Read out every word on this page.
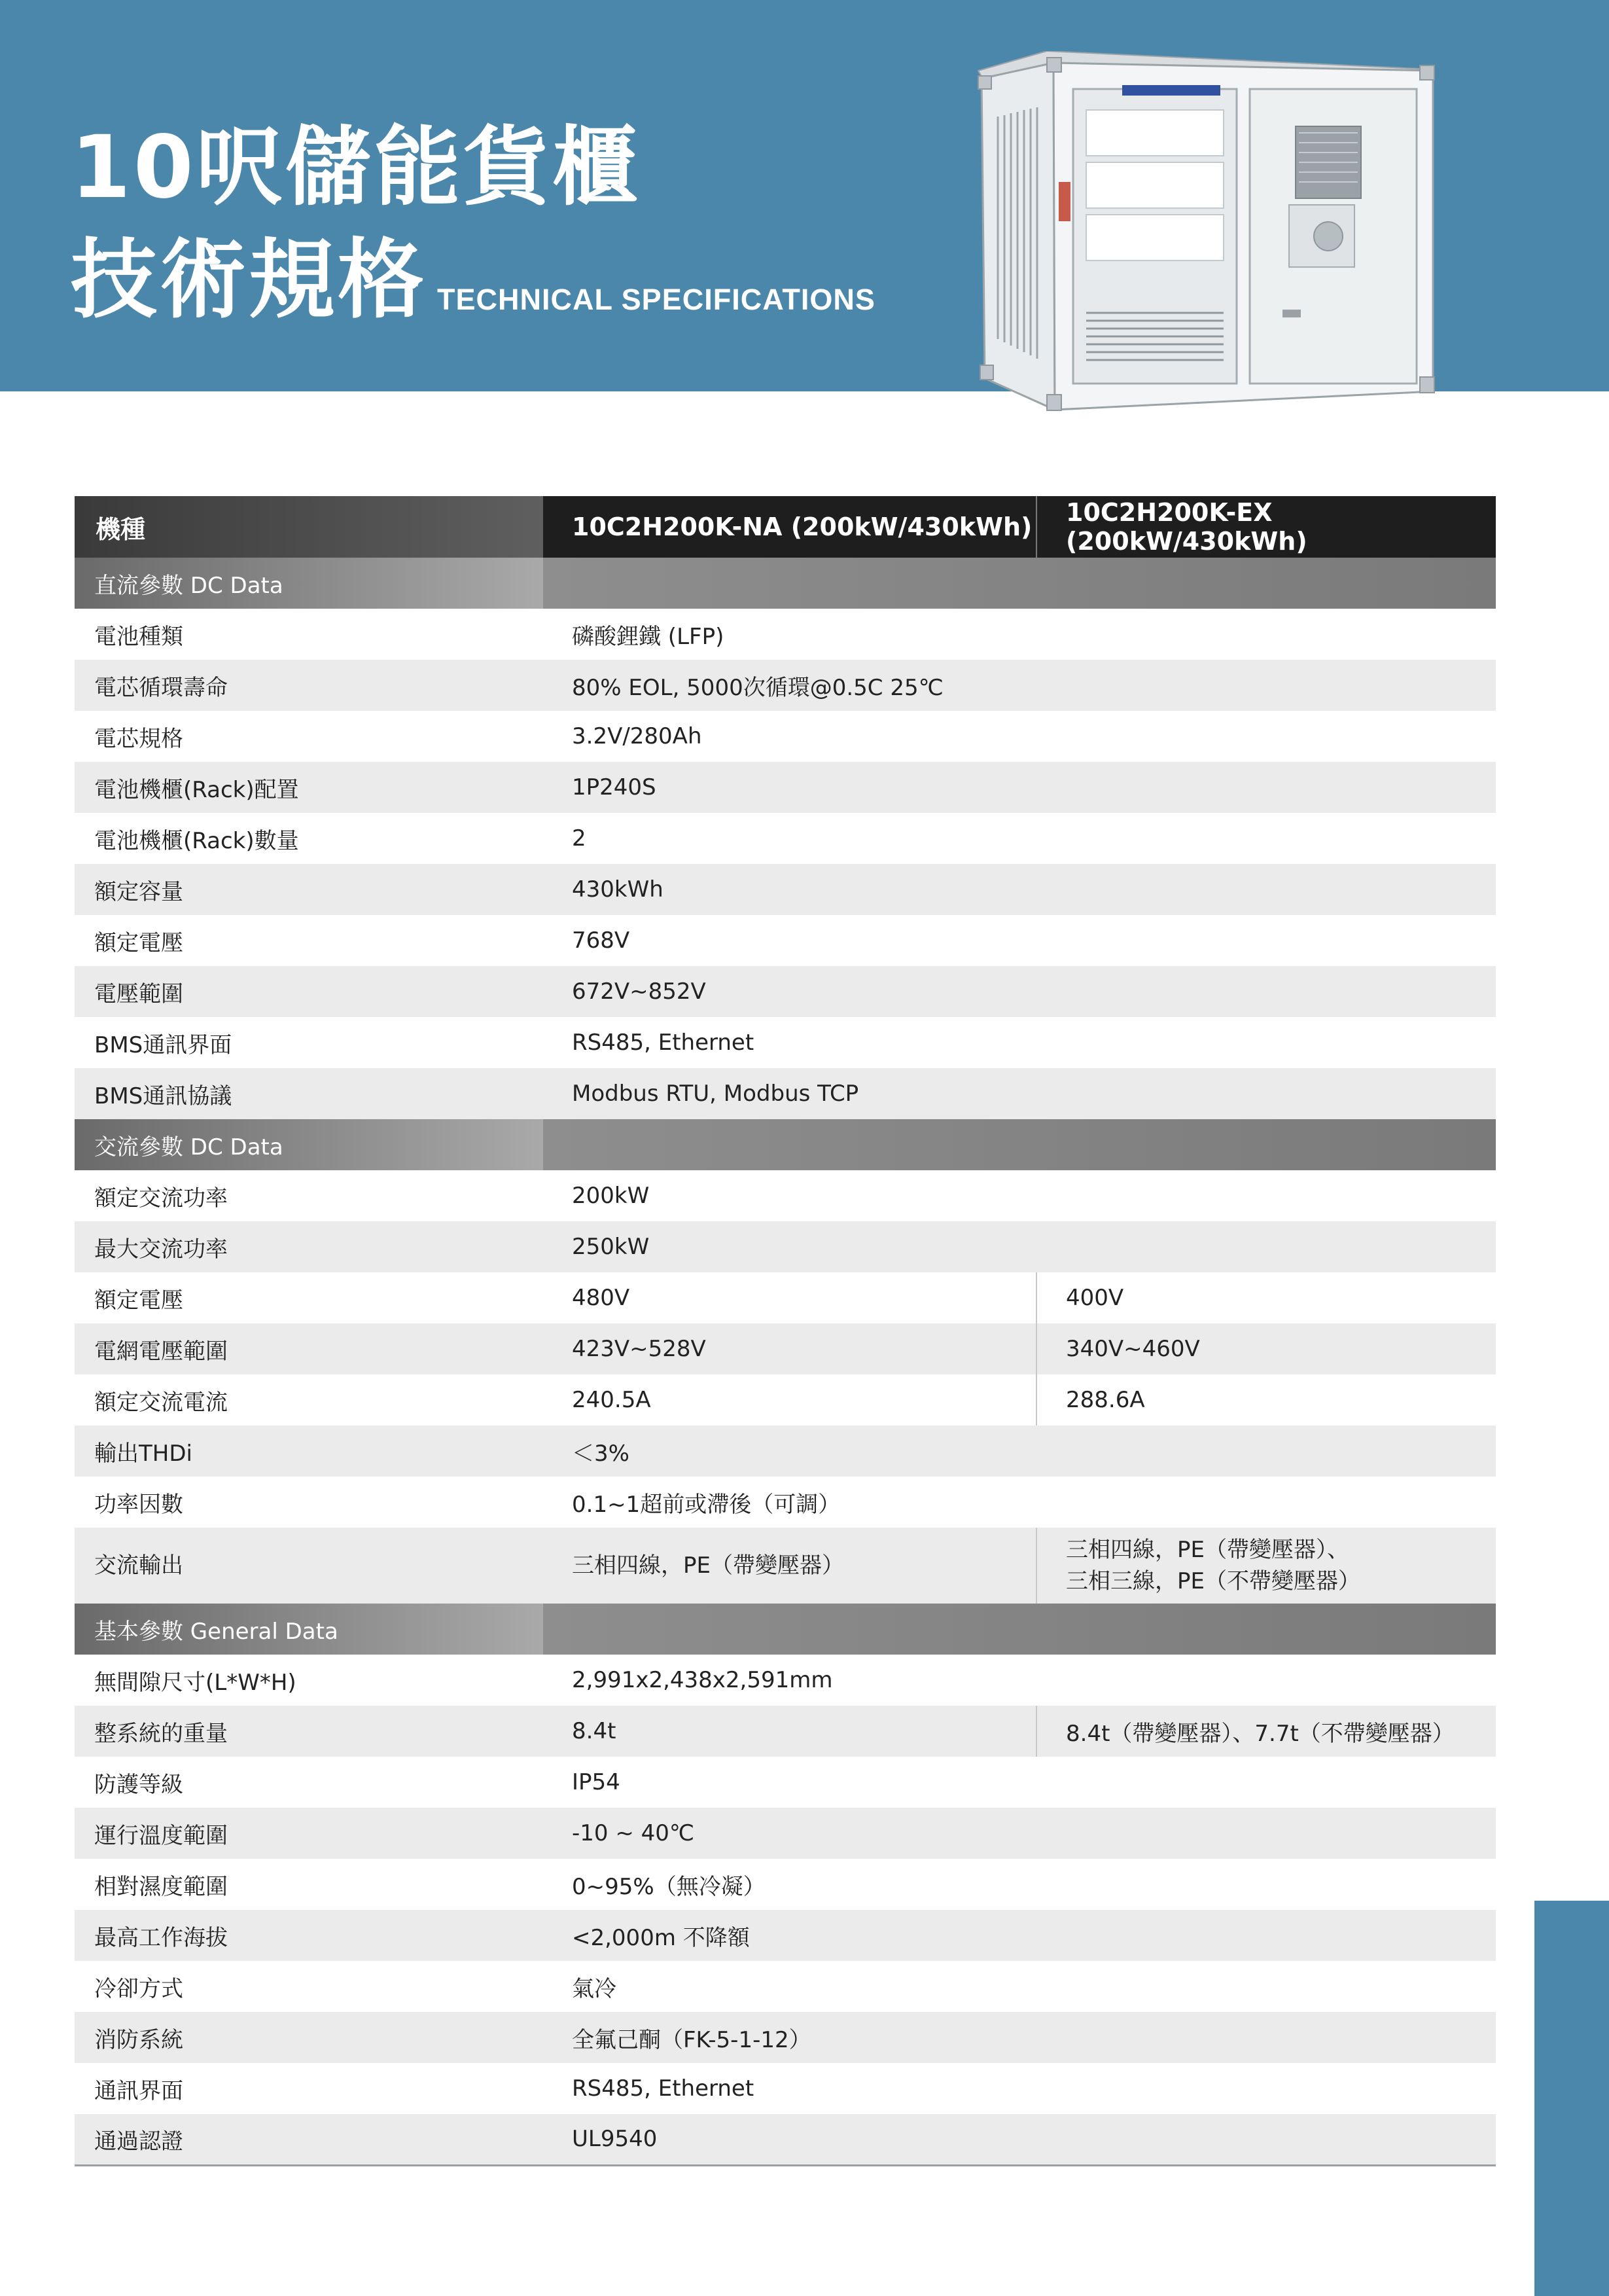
10呎儲能貨櫃
技術規格 TECHNICAL SPECIFICATIONS
機種	10C2H200K-NA (200kW/430kWh)	10C2H200K-EX (200kW/430kWh)
直流參數 DC Data		
電池種類	磷酸鋰鐵 (LFP)	
電芯循環壽命	80% EOL, 5000次循環@0.5C 25℃	
電芯規格	3.2V/280Ah	
電池機櫃(Rack)配置	1P240S	
電池機櫃(Rack)數量	2	
額定容量	430kWh	
額定電壓	768V	
電壓範圍	672V~852V	
BMS通訊界面	RS485, Ethernet	
BMS通訊協議	Modbus RTU, Modbus TCP	
交流參數 DC Data		
額定交流功率	200kW	
最大交流功率	250kW	
額定電壓	480V	400V
電網電壓範圍	423V~528V	340V~460V
額定交流電流	240.5A	288.6A
輸出THDi	＜3%	
功率因數	0.1~1超前或滯後（可調）	
交流輸出	三相四線，PE（帶變壓器）	三相四線，PE（帶變壓器）、
三相三線，PE（不帶變壓器）

基本參數 General Data		
無間隙尺寸(L*W*H)	2,991x2,438x2,591mm	
整系統的重量	8.4t	8.4t（帶變壓器）、7.7t（不帶變壓器）
防護等級	IP54	
運行溫度範圍	-10 ~ 40℃	
相對濕度範圍	0~95%（無冷凝）	
最高工作海拔	<2,000m 不降額	
冷卻方式	氣冷	
消防系統	全氟己酮（FK-5-1-12）	
通訊界面	RS485, Ethernet	
通過認證	UL9540	
